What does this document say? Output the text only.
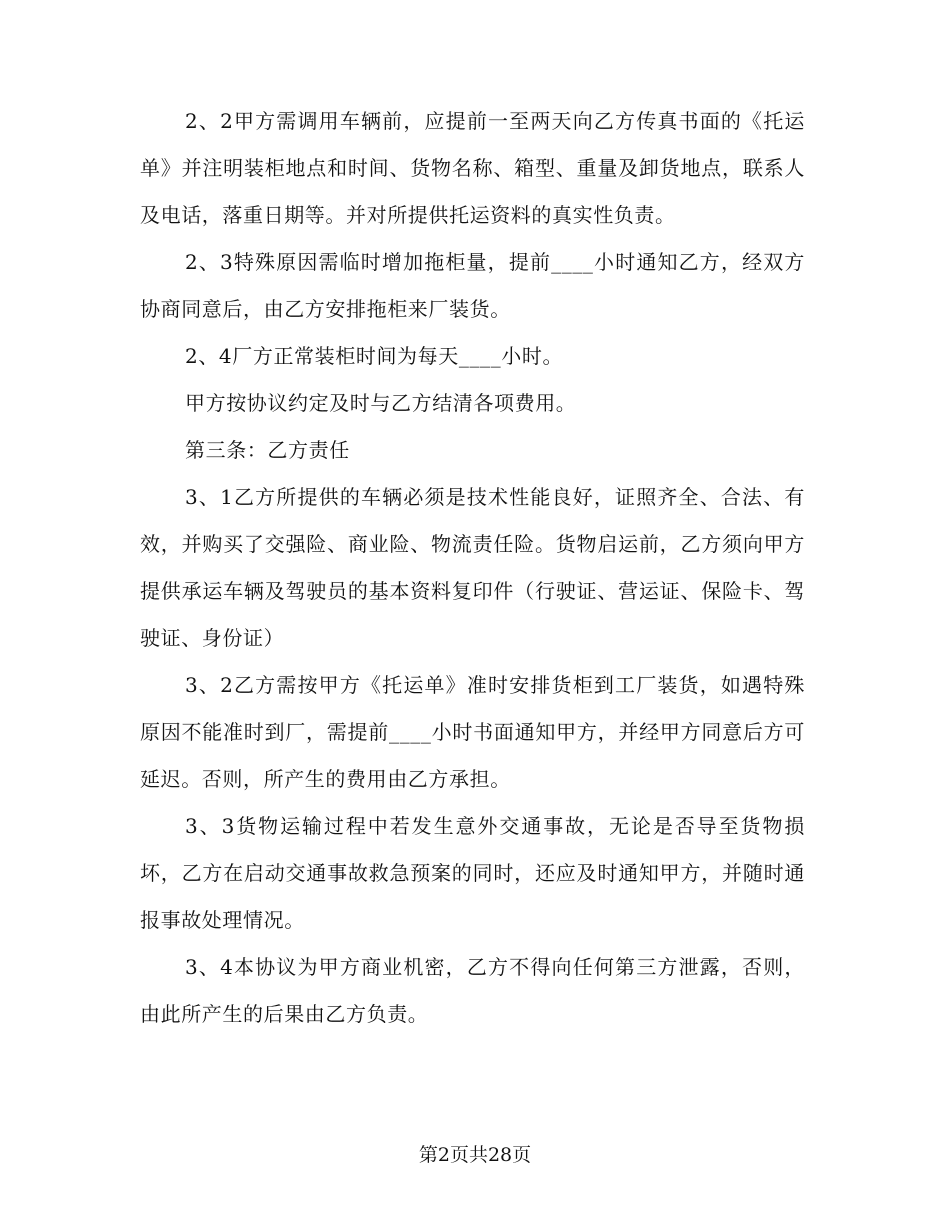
2、2甲方需调用车辆前，应提前一至两天向乙方传真书面的《托运单》并注明装柜地点和时间、货物名称、箱型、重量及卸货地点，联系人及电话，落重日期等。并对所提供托运资料的真实性负责。

2、3特殊原因需临时增加拖柜量，提前____小时通知乙方，经双方协商同意后，由乙方安排拖柜来厂装货。

2、4厂方正常装柜时间为每天____小时。

甲方按协议约定及时与乙方结清各项费用。

第三条：乙方责任

3、1乙方所提供的车辆必须是技术性能良好，证照齐全、合法、有效，并购买了交强险、商业险、物流责任险。货物启运前，乙方须向甲方提供承运车辆及驾驶员的基本资料复印件（行驶证、营运证、保险卡、驾驶证、身份证）

3、2乙方需按甲方《托运单》准时安排货柜到工厂装货，如遇特殊原因不能准时到厂，需提前____小时书面通知甲方，并经甲方同意后方可延迟。否则，所产生的费用由乙方承担。

3、3货物运输过程中若发生意外交通事故，无论是否导至货物损坏，乙方在启动交通事故救急预案的同时，还应及时通知甲方，并随时通报事故处理情况。

3、4本协议为甲方商业机密，乙方不得向任何第三方泄露，否则，由此所产生的后果由乙方负责。

第2页共28页
